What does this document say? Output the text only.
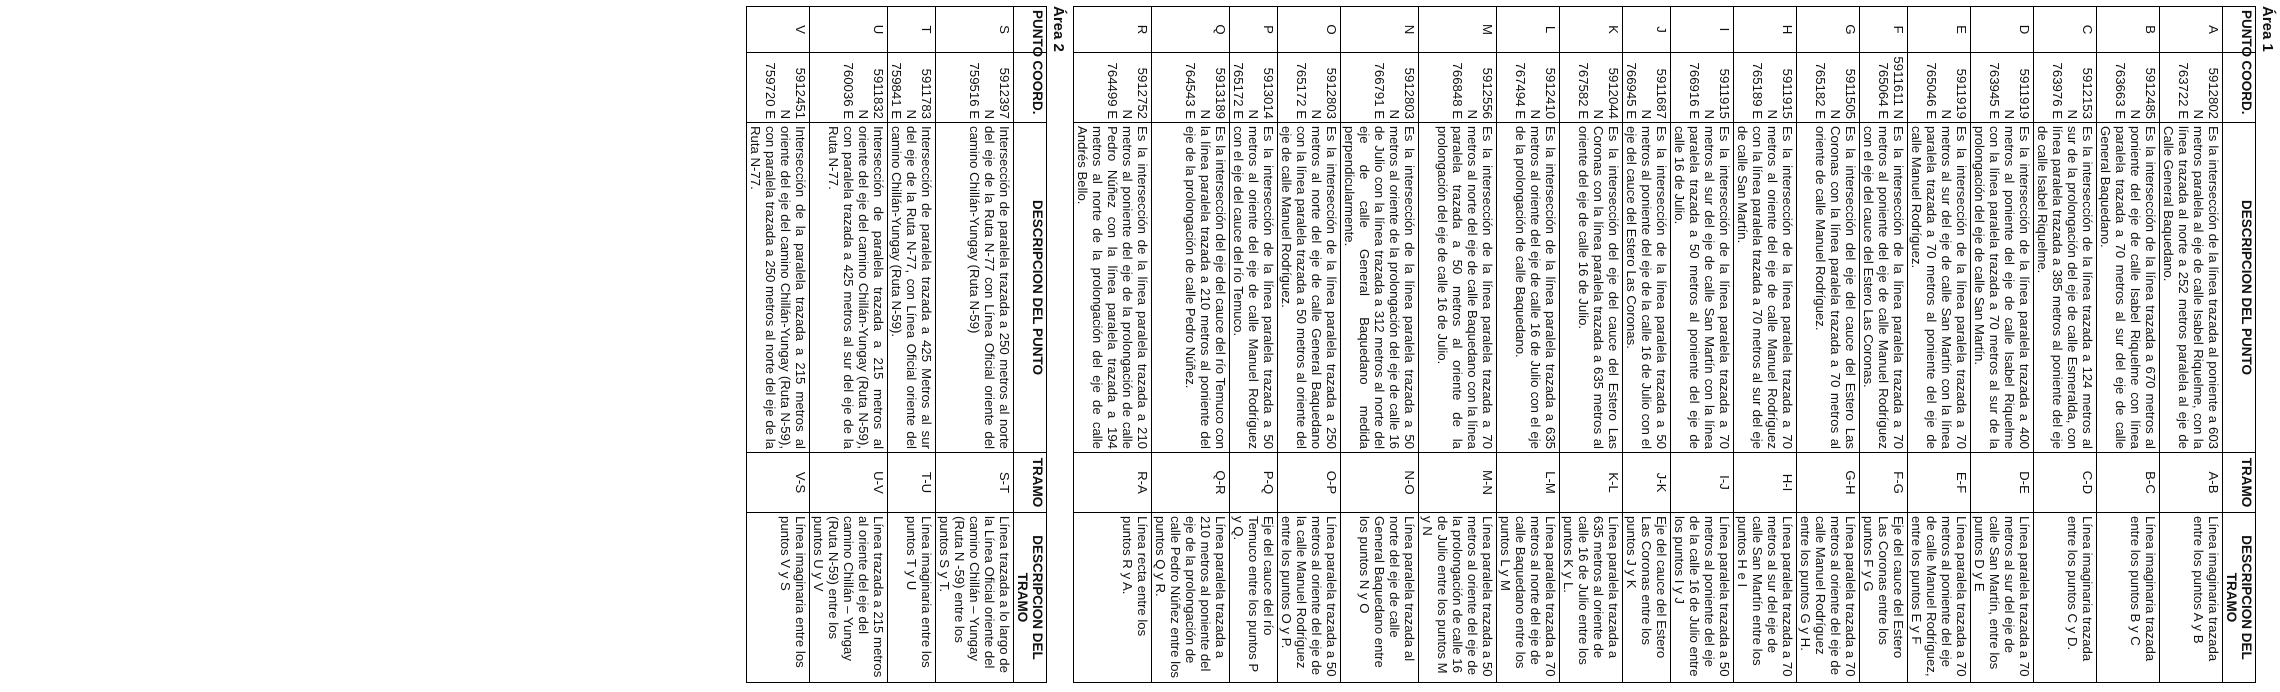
Área 1
PUNTO	COORD.	DESCRIPCION DEL PUNTO	TRAMO	DESCRIPCION DEL TRAMO

A	5912802 N
763722 E	Es la intersección de la línea trazada al poniente a 603 metros paralela al eje de calle Isabel Riquelme, con la línea trazada al norte a 252 metros paralela al eje de Calle General Baquedano.	A-B	Línea imaginaria trazada entre los puntos A y B

B	5912485 N
763663 E	Es la intersección de la línea trazada a 670 metros al poniente del eje de calle Isabel Riquelme con línea paralela trazada a 70 metros al sur del eje de calle General Baquedano.	B-C	Línea imaginaria trazada entre los puntos B y C

C	5912153 N
763976 E	Es la intersección de la línea trazada a 124 metros al sur de la prolongación del eje de calle Esmeralda, con línea paralela trazada a 385 metros al poniente del eje de calle Isabel Riquelme.	C-D	Línea imaginaria trazada entre los puntos C y D.

D	5911919 N
763945 E	Es la intersección de la línea paralela trazada a 400 metros al poniente del eje de calle Isabel Riquelme con la línea paralela trazada a 70 metros al sur de la prolongación del eje de calle San Martín.	D-E	Línea paralela trazada a 70 metros al sur del eje de calle San Martín, entre los puntos D y E

E	5911919 N
765046 E	Es la intersección de la línea paralela trazada a 70 metros al sur del eje de calle San Martín con la línea paralela trazada a 70 metros al poniente del eje de calle Manuel Rodríguez.	E-F	Línea paralela trazada a 70 metros al poniente del eje de calle Manuel Rodríguez, entre los puntos E y F

F	5911611 N
765064 E	Es la intersección de la línea paralela trazada a 70 metros al poniente del eje de calle Manuel Rodríguez con el eje del cauce del Estero Las Coronas.	F-G	Eje del cauce del Estero Las Coronas entre los puntos F y G

G	5911505 N
765182 E	Es la intersección del eje del cauce del Estero Las Coronas con la línea paralela trazada a 70 metros al oriente de calle Manuel Rodríguez.	G-H	Línea paralela trazada a 70 metros al oriente del eje de calle Manuel Rodríguez entre los puntos G y H.

H	5911915 N
765189 E	Es la intersección de la línea paralela trazada a 70 metros al oriente del eje de calle Manuel Rodríguez con la línea paralela trazada a 70 metros al sur del eje de calle San Martín.	H-I	Línea paralela trazada a 70 metros al sur del eje de calle San Martín entre los puntos H e I

I	5911915 N
766916 E	Es la intersección de la línea paralela trazada a 70 metros al sur del eje de calle San Martín con la línea paralela trazada a 50 metros al poniente del eje de calle 16 de Julio.	I-J	Línea paralela trazada a 50 metros al poniente del eje de la calle 16 de Julio entre los puntos I y J

J	5911687 N
766945 E	Es la intersección de la línea paralela trazada a 50 metros al poniente del eje de la calle 16 de Julio con el eje del cauce del Estero Las Coronas.	J-K	Eje del cauce del Estero Las Coronas entre los puntos J y K

K	5912044 N
767582 E	Es la intersección del eje del cauce del Estero Las Coronas con la línea paralela trazada a 635 metros al oriente del eje de calle 16 de Julio.	K-L	Línea paralela trazada a 635 metros al oriente de calle 16 de Julio entre los puntos K y L.

L	5912410 N
767494 E	Es la intersección de la línea paralela trazada a 635 metros al oriente del eje de calle 16 de Julio con el eje de la prolongación de calle Baquedano.	L-M	Línea paralela trazada a 70 metros al norte del eje de calle Baquedano entre los puntos L y M

M	5912556 N
766848 E	Es la intersección de la línea paralela trazada a 70 metros al norte del eje de calle Baquedano con la línea paralela trazada a 50 metros al oriente de la prolongación del eje de calle 16 de Julio.	M-N	Línea paralela trazada a 50 metros al oriente del eje de la prolongación de calle 16 de Julio entre los puntos M y N

N	5912803 N
766791 E	Es la intersección de la línea paralela trazada a 50 metros al oriente de la prolongación del eje de calle 16 de Julio con la línea trazada a 312 metros al norte del eje de calle General Baquedano medida perpendicularmente.	N-O	Línea paralela trazada al norte del eje de calle General Baquedano entre los puntos N y O

O	5912803 N
765172 E	Es la intersección de la línea paralela trazada a 250 metros al norte del eje de calle General Baquedano con la línea paralela trazada a 50 metros al oriente del eje de calle Manuel Rodríguez.	O-P	Línea paralela trazada a 50 metros al oriente del eje de la calle Manuel Rodríguez entre los puntos O y P.

P	5913014 N
765172 E	Es la intersección de la línea paralela trazada a 50 metros al oriente del eje de calle Manuel Rodríguez con el eje del cauce del río Temuco.	P-Q	Eje del cauce del río Temuco entre los puntos P y Q.

Q	5913189 N
764543 E	Es la intersección del eje del cauce del río Temuco con la línea paralela trazada a 210 metros al poniente del eje de la prolongación de calle Pedro Núñez.	Q-R	Línea paralela trazada a 210 metros al poniente del eje de la prolongación de calle Pedro Núñez entre los puntos Q y R.

R	5912752 N
764499 E	Es la intersección de la línea paralela trazada a 210 metros al poniente del eje de la prolongación de calle Pedro Núñez con la línea paralela trazada a 194 metros al norte de la prolongación del eje de calle Andrés Bello.	R-A	Línea recta entre los puntos R y A.
Área 2
PUNTO	COORD.	DESCRIPCION DEL PUNTO	TRAMO	DESCRIPCION DEL TRAMO

S	5912397 N
759516 E	Intersección de paralela trazada a 250 metros al norte del eje de la Ruta N-77 con Línea Oficial oriente del camino Chillán-Yungay (Ruta N-59)	S-T	Línea trazada a lo largo de la Línea Oficial oriente del camino Chillán – Yungay (Ruta N -59) entre los puntos S y T.

T	5911783 N
759841 E	Intersección de paralela trazada a 425 Metros al sur del eje de la Ruta N-77, con Línea Oficial oriente del camino Chillán-Yungay (Ruta N-59).	T-U	Línea imaginaria entre los puntos T y U

U	5911832 N
760036 E	Intersección de paralela trazada a 215 metros al oriente del eje del camino Chillán-Yungay (Ruta N-59), con paralela trazada a 425 metros al sur del eje de la Ruta N-77.	U-V	Línea trazada a 215 metros al oriente del eje del camino Chillán – Yungay (Ruta N-59) entre los puntos U y V

V	5912451 N
759720 E	Intersección de la paralela trazada a 215 metros al oriente del eje del camino Chillán-Yungay (Ruta N-59), con paralela trazada a 250 metros al norte del eje de la Ruta N-77.	V-S	Línea imaginaria entre los puntos V y S
